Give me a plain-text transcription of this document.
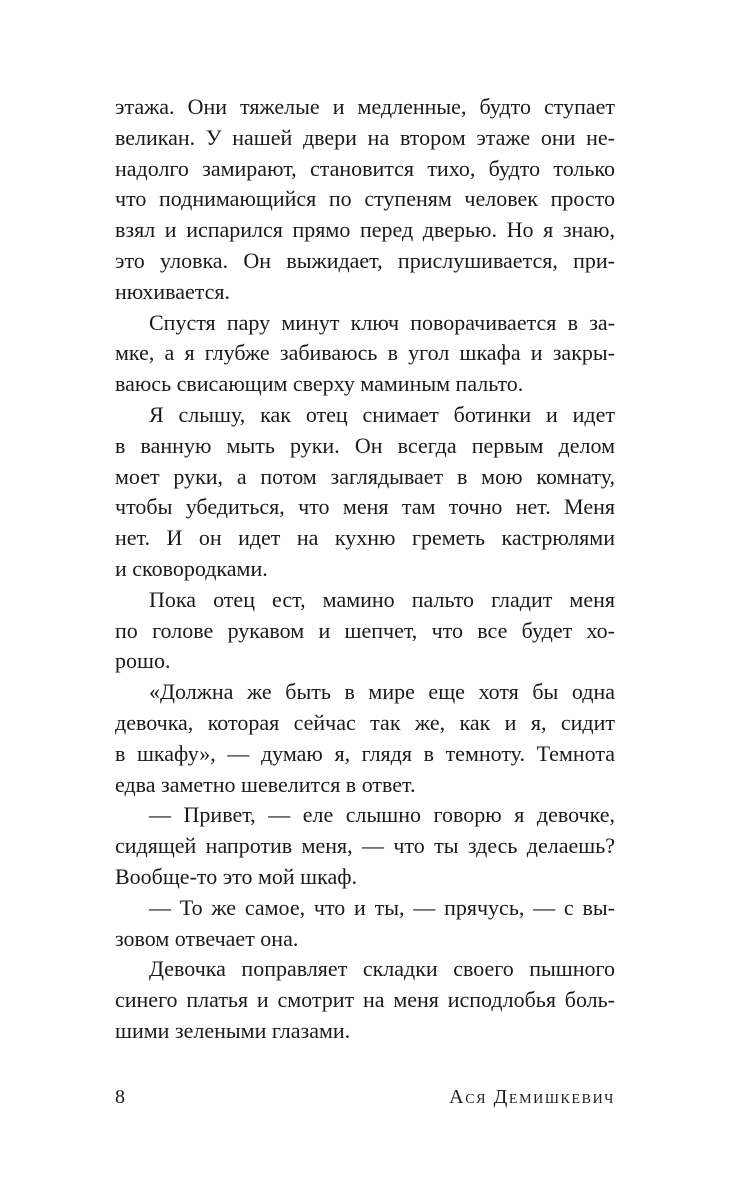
этажа. Они тяжелые и медленные, будто ступает
великан. У нашей двери на втором этаже они не-
надолго замирают, становится тихо, будто только
что поднимающийся по ступеням человек просто
взял и испарился прямо перед дверью. Но я знаю,
это уловка. Он выжидает, прислушивается, при-
нюхивается.
Спустя пару минут ключ поворачивается в за-
мке, а я глубже забиваюсь в угол шкафа и закры-
ваюсь свисающим сверху маминым пальто.
Я слышу, как отец снимает ботинки и идет
в ванную мыть руки. Он всегда первым делом
моет руки, а потом заглядывает в мою комнату,
чтобы убедиться, что меня там точно нет. Меня
нет. И он идет на кухню греметь кастрюлями
и сковородками.
Пока отец ест, мамино пальто гладит меня
по голове рукавом и шепчет, что все будет хо-
рошо.
«Должна же быть в мире еще хотя бы одна
девочка, которая сейчас так же, как и я, сидит
в шкафу», — думаю я, глядя в темноту. Темнота
едва заметно шевелится в ответ.
— Привет, — еле слышно говорю я девочке,
сидящей напротив меня, — что ты здесь делаешь?
Вообще-то это мой шкаф.
— То же самое, что и ты, — прячусь, — с вы-
зовом отвечает она.
Девочка поправляет складки своего пышного
синего платья и смотрит на меня исподлобья боль-
шими зелеными глазами.
8	Ася Демишкевич
